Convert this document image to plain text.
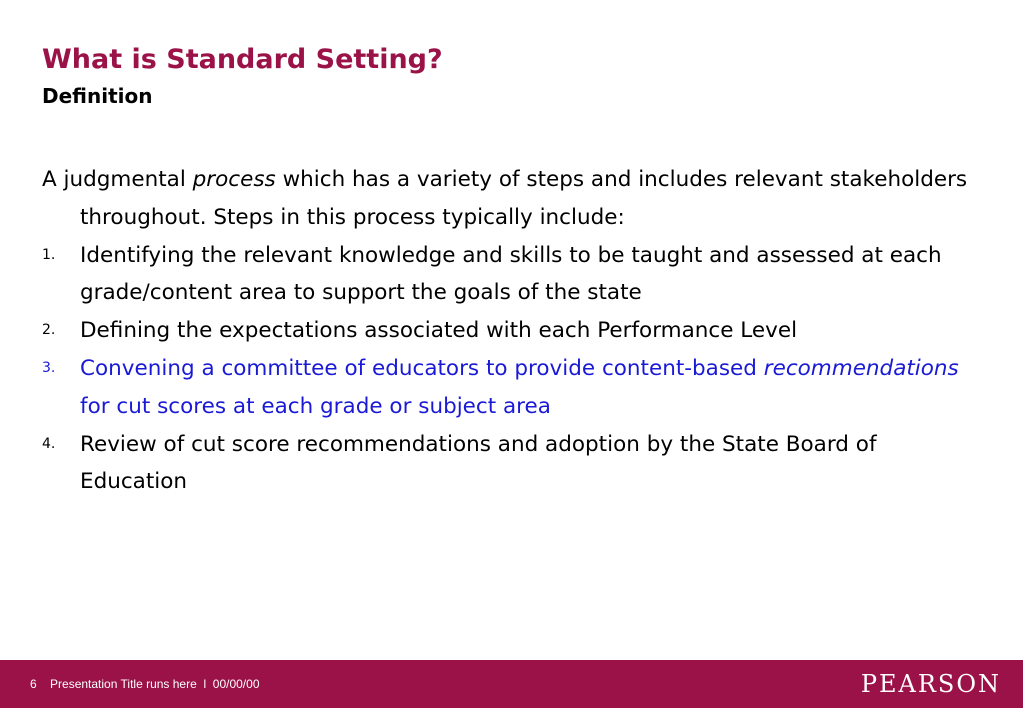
What is Standard Setting?
Definition

A judgmental process which has a variety of steps and includes relevant stakeholders throughout. Steps in this process typically include:

1. Identifying the relevant knowledge and skills to be taught and assessed at each grade/content area to support the goals of the state

2. Defining the expectations associated with each Performance Level

3. Convening a committee of educators to provide content-based recommendations for cut scores at each grade or subject area

4. Review of cut score recommendations and adoption by the State Board of Education

6 Presentation Title runs here  l  00/00/00	PEARSON
